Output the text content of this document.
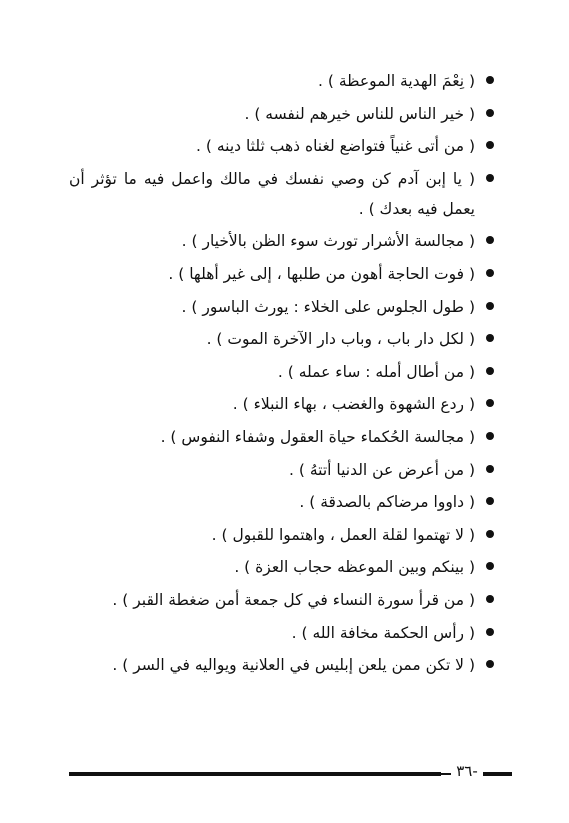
( نِعْمَ الهدية الموعظة ) .
( خير الناس للناس خيرهم لنفسه ) .
( من أتى غنياً فتواضع لغناه ذهب ثلثا دينه ) .
( يا إبن آدم كن وصي نفسك في مالك واعمل فيه ما تؤثر أن يعمل فيه بعدك ) .
( مجالسة الأشرار تورث سوء الظن بالأخيار ) .
( فوت الحاجة أهون من طلبها ، إلى غير أهلها ) .
( طول الجلوس على الخلاء : يورث الباسور ) .
( لكل دار باب ، وباب دار الآخرة الموت ) .
( من أطال أمله : ساء عمله ) .
( ردع الشهوة والغضب ، بهاء النبلاء ) .
( مجالسة الحُكماء حياة العقول وشفاء النفوس ) .
( من أعرض عن الدنيا أتتهُ ) .
( داووا مرضاكم بالصدقة ) .
( لا تهتموا لقلة العمل ، واهتموا للقبول ) .
( بينكم وبين الموعظه حجاب العزة ) .
( من قرأ سورة النساء في كل جمعة أمن ضغطة القبر ) .
( رأس الحكمة مخافة الله ) .
( لا تكن ممن يلعن إبليس في العلانية ويواليه في السر ) .
-٣٦
